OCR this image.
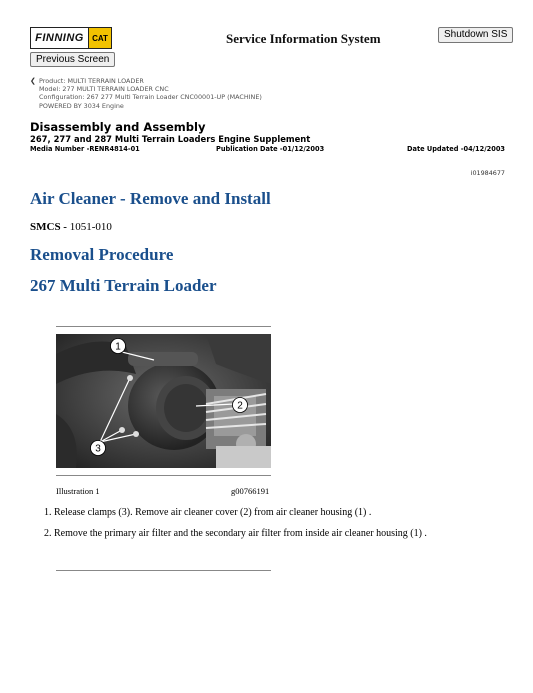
FINNING	CAT	Service Information System	Shutdown SIS
Previous Screen
❮ Product: MULTI TERRAIN LOADER
Model: 277 MULTI TERRAIN LOADER CNC
Configuration: 267 277 Multi Terrain Loader CNC00001-UP (MACHINE)
POWERED BY 3034 Engine
Disassembly and Assembly
267, 277 and 287 Multi Terrain Loaders Engine Supplement
Media Number -RENR4814-01	Publication Date -01/12/2003	Date Updated -04/12/2003
i01984677
Air Cleaner - Remove and Install
SMCS - 1051-010
Removal Procedure
267 Multi Terrain Loader
1
2
3
Illustration 1	g00766191
1. Release clamps (3). Remove air cleaner cover (2) from air cleaner housing (1) .
2. Remove the primary air filter and the secondary air filter from inside air cleaner housing (1) .
